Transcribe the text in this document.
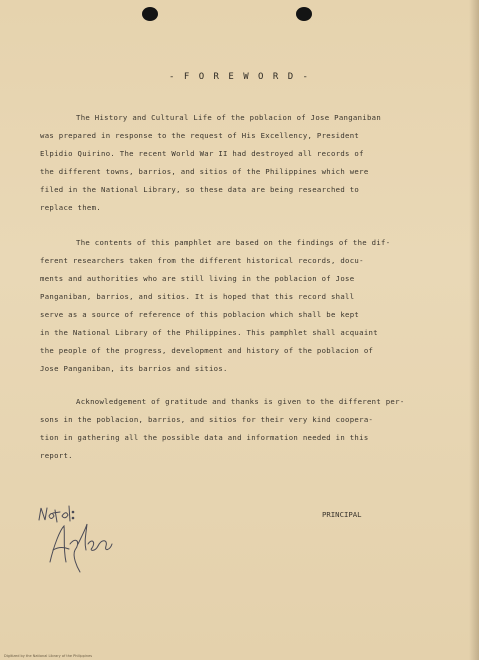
- F O R E W O R D -
The History and Cultural Life of the poblacion of Jose Panganiban
was prepared in response to the request of His Excellency, President
Elpidio Quirino. The recent World War II had destroyed all records of
the different towns, barrios, and sitios of the Philippines which were
filed in the National Library, so these data are being researched to
replace them.
The contents of this pamphlet are based on the findings of the dif-
ferent researchers taken from the different historical records, docu-
ments and authorities who are still living in the poblacion of Jose
Panganiban, barrios, and sitios. It is hoped that this record shall
serve as a source of reference of this poblacion which shall be kept
in the National Library of the Philippines. This pamphlet shall acquaint
the people of the progress, development and history of the poblacion of
Jose Panganiban, its barrios and sitios.
Acknowledgement of gratitude and thanks is given to the different per-
sons in the poblacion, barrios, and sitios for their very kind coopera-
tion in gathering all the possible data and information needed in this
report.
PRINCIPAL
Digitized by the National Library of the Philippines
